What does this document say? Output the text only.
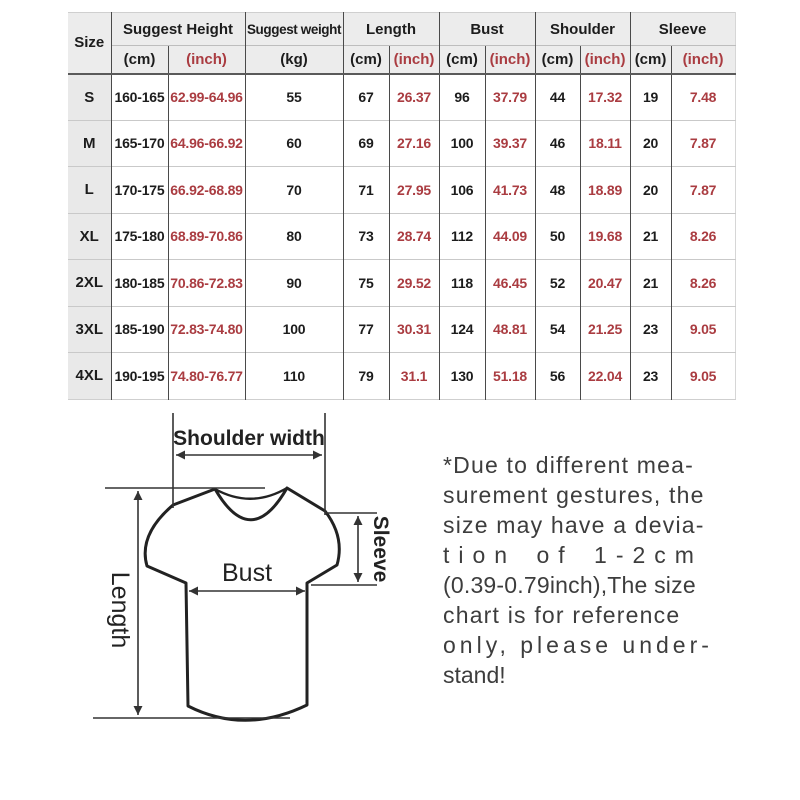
Size	Suggest Height		Suggest weight	Length		Bust		Shoulder		Sleeve	
	(cm)	(inch)	(kg)	(cm)	(inch)	(cm)	(inch)	(cm)	(inch)	(cm)	(inch)
S	160-165	62.99-64.96	55	67	26.37	96	37.79	44	17.32	19	7.48
M	165-170	64.96-66.92	60	69	27.16	100	39.37	46	18.11	20	7.87
L	170-175	66.92-68.89	70	71	27.95	106	41.73	48	18.89	20	7.87
XL	175-180	68.89-70.86	80	73	28.74	112	44.09	50	19.68	21	8.26
2XL	180-185	70.86-72.83	90	75	29.52	118	46.45	52	20.47	21	8.26
3XL	185-190	72.83-74.80	100	77	30.31	124	48.81	54	21.25	23	9.05
4XL	190-195	74.80-76.77	110	79	31.1	130	51.18	56	22.04	23	9.05
Shoulder width
Bust	Sleeve
Length
*Due to different mea-
surement gestures, the
size may have a devia-
tion of 1-2cm
(0.39-0.79inch),The size
chart is for reference
only, please under-
stand!
